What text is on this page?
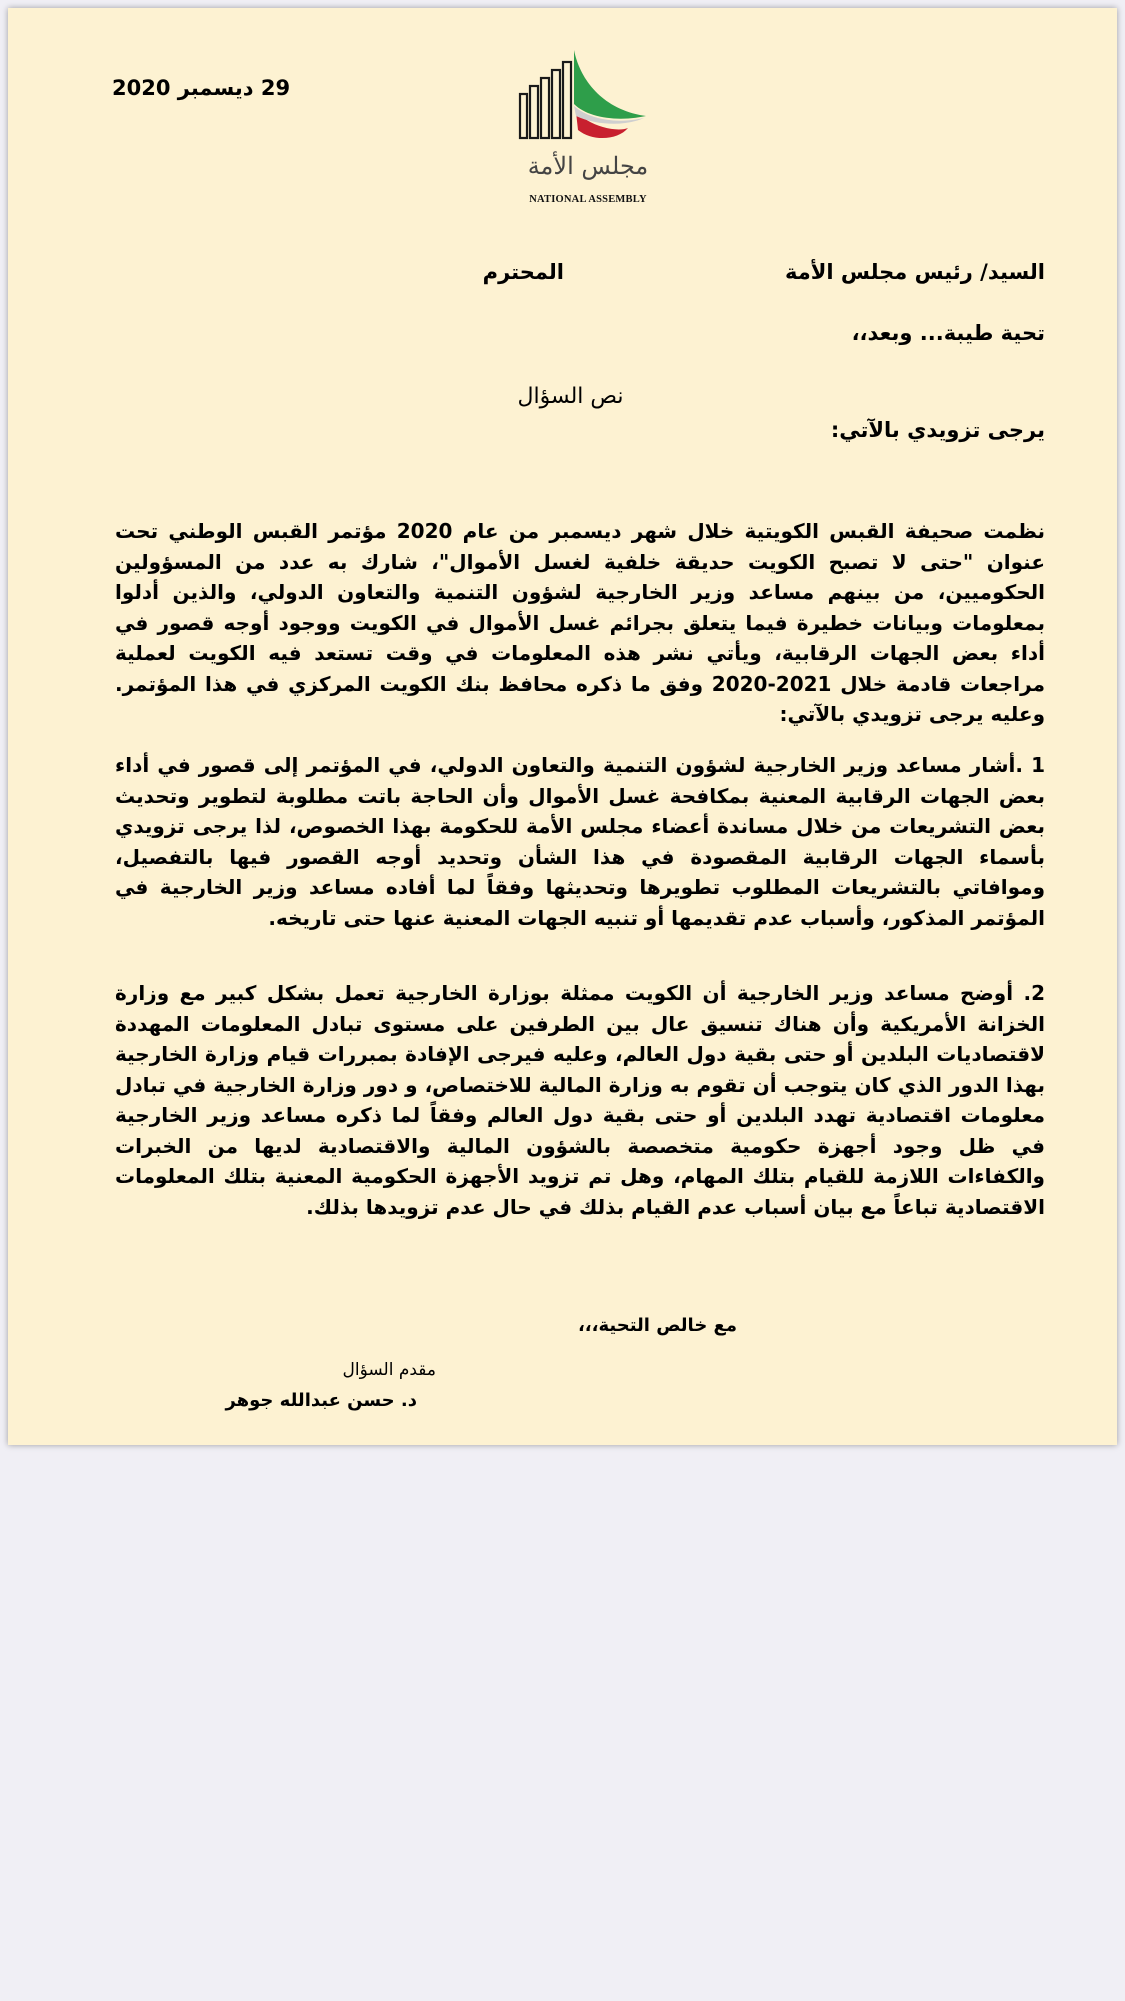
29 ديسمبر 2020
مجلس الأمة
NATIONAL ASSEMBLY
السيد/ رئيس مجلس الأمة
المحترم
تحية طيبة... وبعد،،
نص السؤال
يرجى تزويدي بالآتي:
نظمت صحيفة القبس الكويتية خلال شهر ديسمبر من عام 2020 مؤتمر القبس الوطني تحت عنوان "حتى لا تصبح الكويت حديقة خلفية لغسل الأموال"، شارك به عدد من المسؤولين الحكوميين، من بينهم مساعد وزير الخارجية لشؤون التنمية والتعاون الدولي، والذين أدلوا بمعلومات وبيانات خطيرة فيما يتعلق بجرائم غسل الأموال في الكويت ووجود أوجه قصور في أداء بعض الجهات الرقابية، ويأتي نشر هذه المعلومات في وقت تستعد فيه الكويت لعملية مراجعات قادمة خلال 2021-2020 وفق ما ذكره محافظ بنك الكويت المركزي في هذا المؤتمر. وعليه يرجى تزويدي بالآتي:
1 .أشار مساعد وزير الخارجية لشؤون التنمية والتعاون الدولي، في المؤتمر إلى قصور في أداء بعض الجهات الرقابية المعنية بمكافحة غسل الأموال وأن الحاجة باتت مطلوبة لتطوير وتحديث بعض التشريعات من خلال مساندة أعضاء مجلس الأمة للحكومة بهذا الخصوص، لذا يرجى تزويدي بأسماء الجهات الرقابية المقصودة في هذا الشأن وتحديد أوجه القصور فيها بالتفصيل، وموافاتي بالتشريعات المطلوب تطويرها وتحديثها وفقاً لما أفاده مساعد وزير الخارجية في المؤتمر المذكور، وأسباب عدم تقديمها أو تنبيه الجهات المعنية عنها حتى تاريخه.
2. أوضح مساعد وزير الخارجية أن الكويت ممثلة بوزارة الخارجية تعمل بشكل كبير مع وزارة الخزانة الأمريكية وأن هناك تنسيق عال بين الطرفين على مستوى تبادل المعلومات المهددة لاقتصاديات البلدين أو حتى بقية دول العالم، وعليه فيرجى الإفادة بمبررات قيام وزارة الخارجية بهذا الدور الذي كان يتوجب أن تقوم به وزارة المالية للاختصاص، و دور وزارة الخارجية في تبادل معلومات اقتصادية تهدد البلدين أو حتى بقية دول العالم وفقاً لما ذكره مساعد وزير الخارجية في ظل وجود أجهزة حكومية متخصصة بالشؤون المالية والاقتصادية لديها من الخبرات والكفاءات اللازمة للقيام بتلك المهام، وهل تم تزويد الأجهزة الحكومية المعنية بتلك المعلومات الاقتصادية تباعاً مع بيان أسباب عدم القيام بذلك في حال عدم تزويدها بذلك.
مع خالص التحية،،،
مقدم السؤال
د. حسن عبدالله جوهر
